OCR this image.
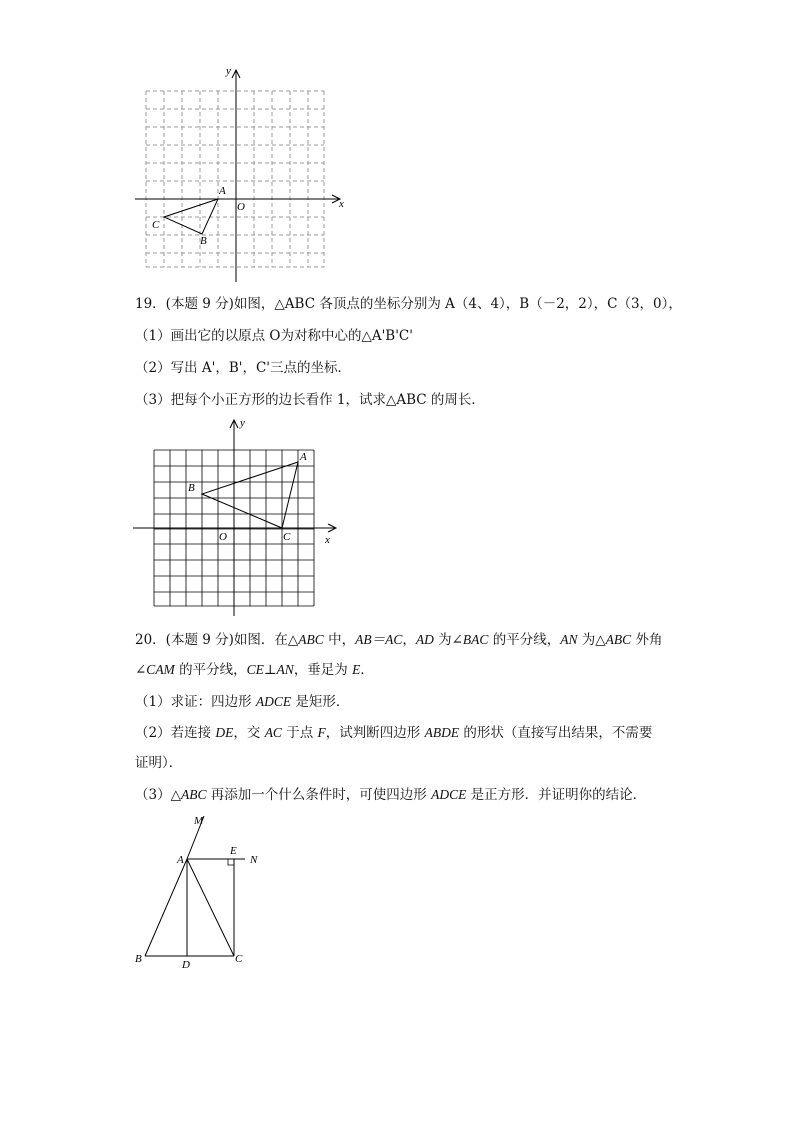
x
y
A
B
C
O
19．(本题 9 分)如图，△ABC 各顶点的坐标分别为 A（4、4），B（－2，2），C（3，0），
（1）画出它的以原点 O为对称中心的△A'B'C'
（2）写出 A'，B'，C'三点的坐标．
（3）把每个小正方形的边长看作 1，试求△ABC 的周长．
x
y
A
B
C
O
20．(本题 9 分)如图．在△ABC 中，AB＝AC，AD 为∠BAC 的平分线，AN 为△ABC 外角
∠CAM 的平分线，CE⊥AN，垂足为 E．
（1）求证：四边形 ADCE 是矩形．
（2）若连接 DE，交 AC 于点 F，试判断四边形 ABDE 的形状（直接写出结果，不需要
证明）．
（3）△ABC 再添加一个什么条件时，可使四边形 ADCE 是正方形．并证明你的结论．
M
A
E
N
B	D	C
